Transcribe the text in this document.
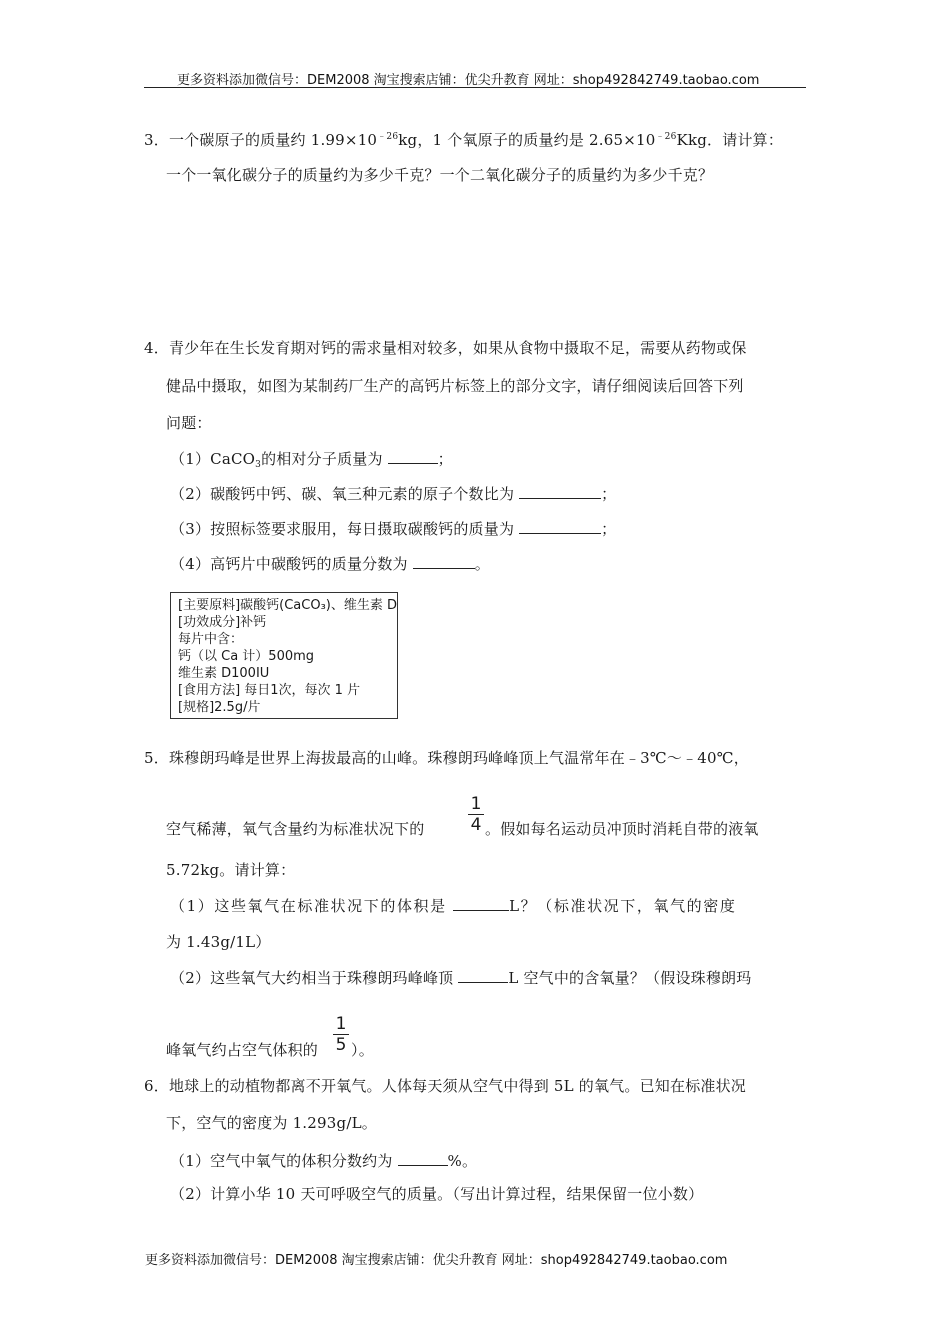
更多资料添加微信号：DEM2008 淘宝搜索店铺：优尖升教育 网址：shop492842749.taobao.com
3．一个碳原子的质量约 $1.99\times 10^{﹣26}kg$，1 个氧原子的质量约是 $2.65\times 10^{﹣26}Kkg$．请计算：
一个一氧化碳分子的质量约为多少千克？一个二氧化碳分子的质量约为多少千克？
4．青少年在生长发育期对钙的需求量相对较多，如果从食物中摄取不足，需要从药物或保
健品中摄取，如图为某制药厂生产的高钙片标签上的部分文字，请仔细阅读后回答下列
问题：
（1）CaCO$_3$的相对分子质量为	；
（2）碳酸钙中钙、碳、氧三种元素的原子个数比为	；
（3）按照标签要求服用，每日摄取碳酸钙的质量为	；
（4）高钙片中碳酸钙的质量分数为	。
[主要原料]碳酸钙(CaCO₃)、维生素 D
[功效成分]补钙
每片中含：
钙（以 Ca 计）500mg
维生素 D100IU
[食用方法] 每日1次，每次 1 片
[规格]2.5g/片
5．珠穆朗玛峰是世界上海拔最高的山峰。珠穆朗玛峰峰顶上气温常年在﹣3℃～﹣40℃，
空气稀薄，氧气含量约为标准状况下的
1
4 。假如每名运动员冲顶时消耗自带的液氧
5.72kg。请计算：
（1）这些氧气在标准状况下的体积是	L？（标准状况下，氧气的密度
为 1.43g/1L）
（2）这些氧气大约相当于珠穆朗玛峰峰顶	L 空气中的含氧量？（假设珠穆朗玛
峰氧气约占空气体积的
1
5 ）。
6．地球上的动植物都离不开氧气。人体每天须从空气中得到 5L 的氧气。已知在标准状况
下，空气的密度为 1.293g/L。
（1）空气中氧气的体积分数约为	%。
（2）计算小华 10 天可呼吸空气的质量。（写出计算过程，结果保留一位小数）
更多资料添加微信号：DEM2008 淘宝搜索店铺：优尖升教育 网址：shop492842749.taobao.com
